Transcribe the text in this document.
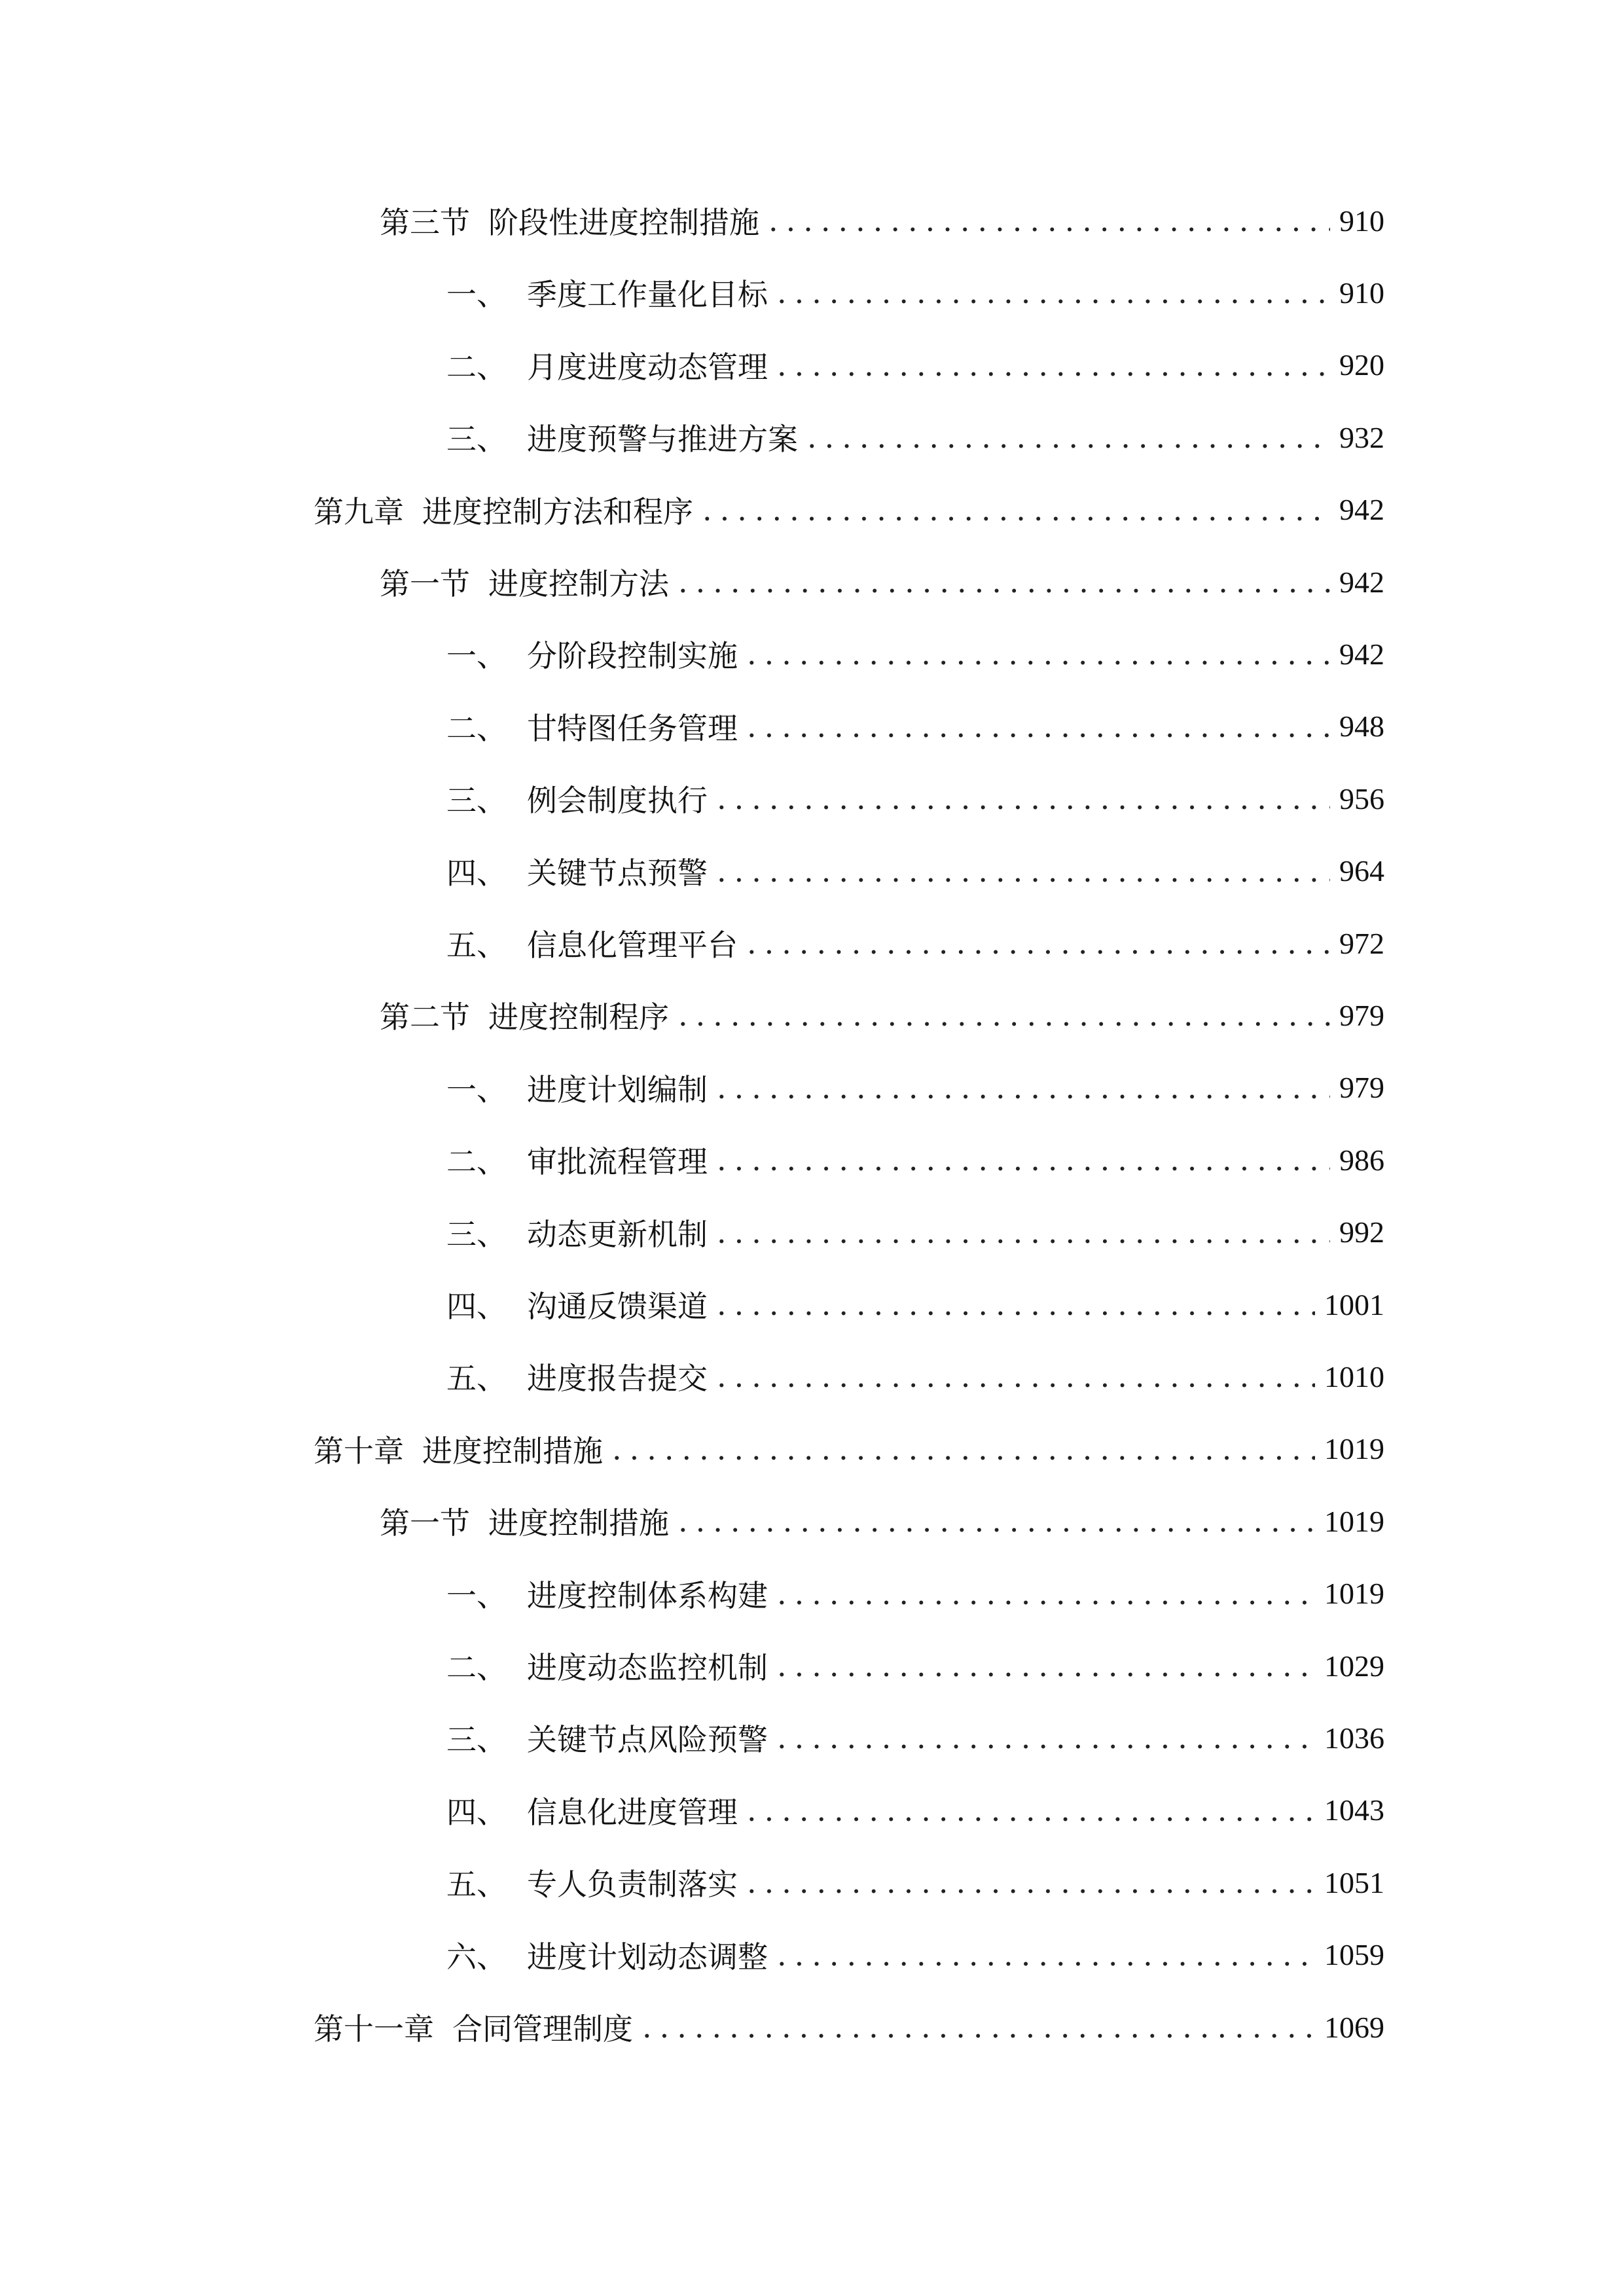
第三节 阶段性进度控制措施 .....	910
一、 季度工作量化目标 .....	910
二、 月度进度动态管理 .....	920
三、 进度预警与推进方案 .....	932
第九章 进度控制方法和程序 .....	942
第一节 进度控制方法 .....	942
一、 分阶段控制实施 .....	942
二、 甘特图任务管理 .....	948
三、 例会制度执行 .....	956
四、 关键节点预警 .....	964
五、 信息化管理平台 .....	972
第二节 进度控制程序 .....	979
一、 进度计划编制 .....	979
二、 审批流程管理 .....	986
三、 动态更新机制 .....	992
四、 沟通反馈渠道 .....	1001
五、 进度报告提交 .....	1010
第十章 进度控制措施 .....	1019
第一节 进度控制措施 .....	1019
一、 进度控制体系构建 .....	1019
二、 进度动态监控机制 .....	1029
三、 关键节点风险预警 .....	1036
四、 信息化进度管理 .....	1043
五、 专人负责制落实 .....	1051
六、 进度计划动态调整 .....	1059
第十一章 合同管理制度 .....	1069
